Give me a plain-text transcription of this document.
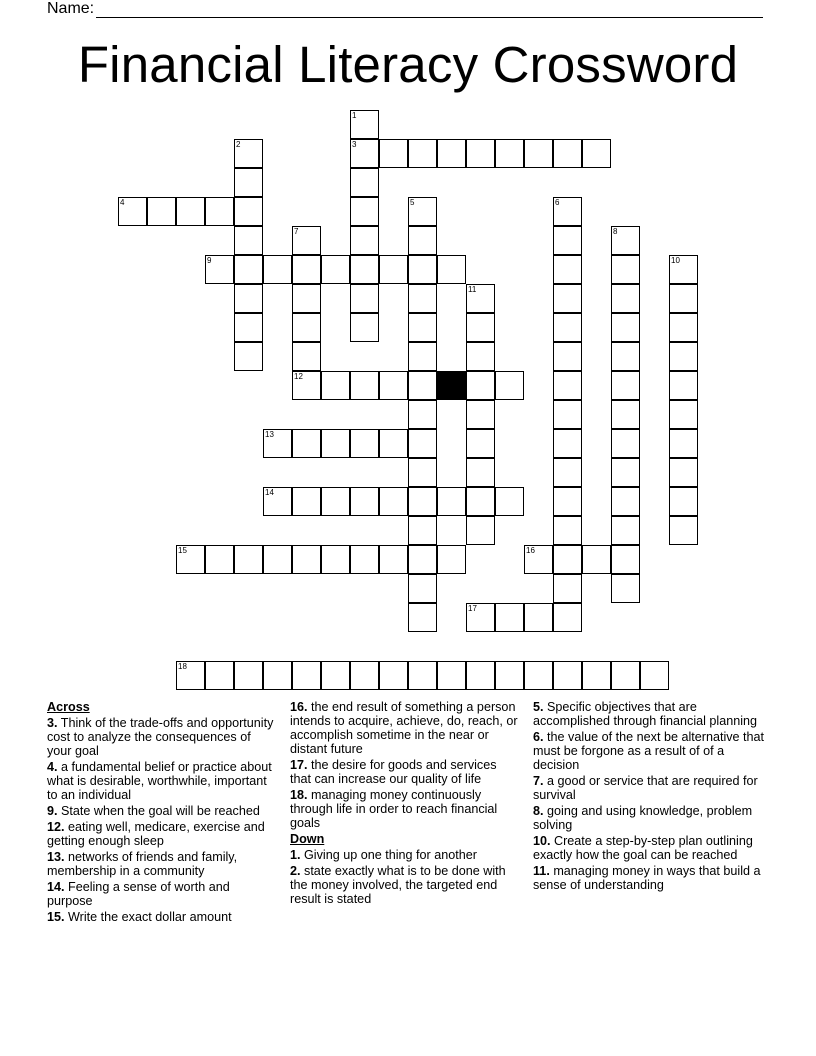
Name:
Financial Literacy Crossword
1
3
2
4	5	6
7	8
9	10
11
12
13
14
15	16
17
18
Across
3. Think of the trade-offs and opportunity cost to analyze the consequences of your goal
4. a fundamental belief or practice about what is desirable, worthwhile, important to an individual
9. State when the goal will be reached
12. eating well, medicare, exercise and getting enough sleep
13. networks of friends and family, membership in a community
14. Feeling a sense of worth and purpose
15. Write the exact dollar amount
16. the end result of something a person intends to acquire, achieve, do, reach, or accomplish sometime in the near or distant future
17. the desire for goods and services that can increase our quality of life
18. managing money continuously through life in order to reach financial goals
Down
1. Giving up one thing for another
2. state exactly what is to be done with the money involved, the targeted end result is stated
5. Specific objectives that are accomplished through financial planning
6. the value of the next be alternative that must be forgone as a result of of a decision
7. a good or service that are required for survival
8. going and using knowledge, problem solving
10. Create a step-by-step plan outlining exactly how the goal can be reached
11. managing money in ways that build a sense of understanding
